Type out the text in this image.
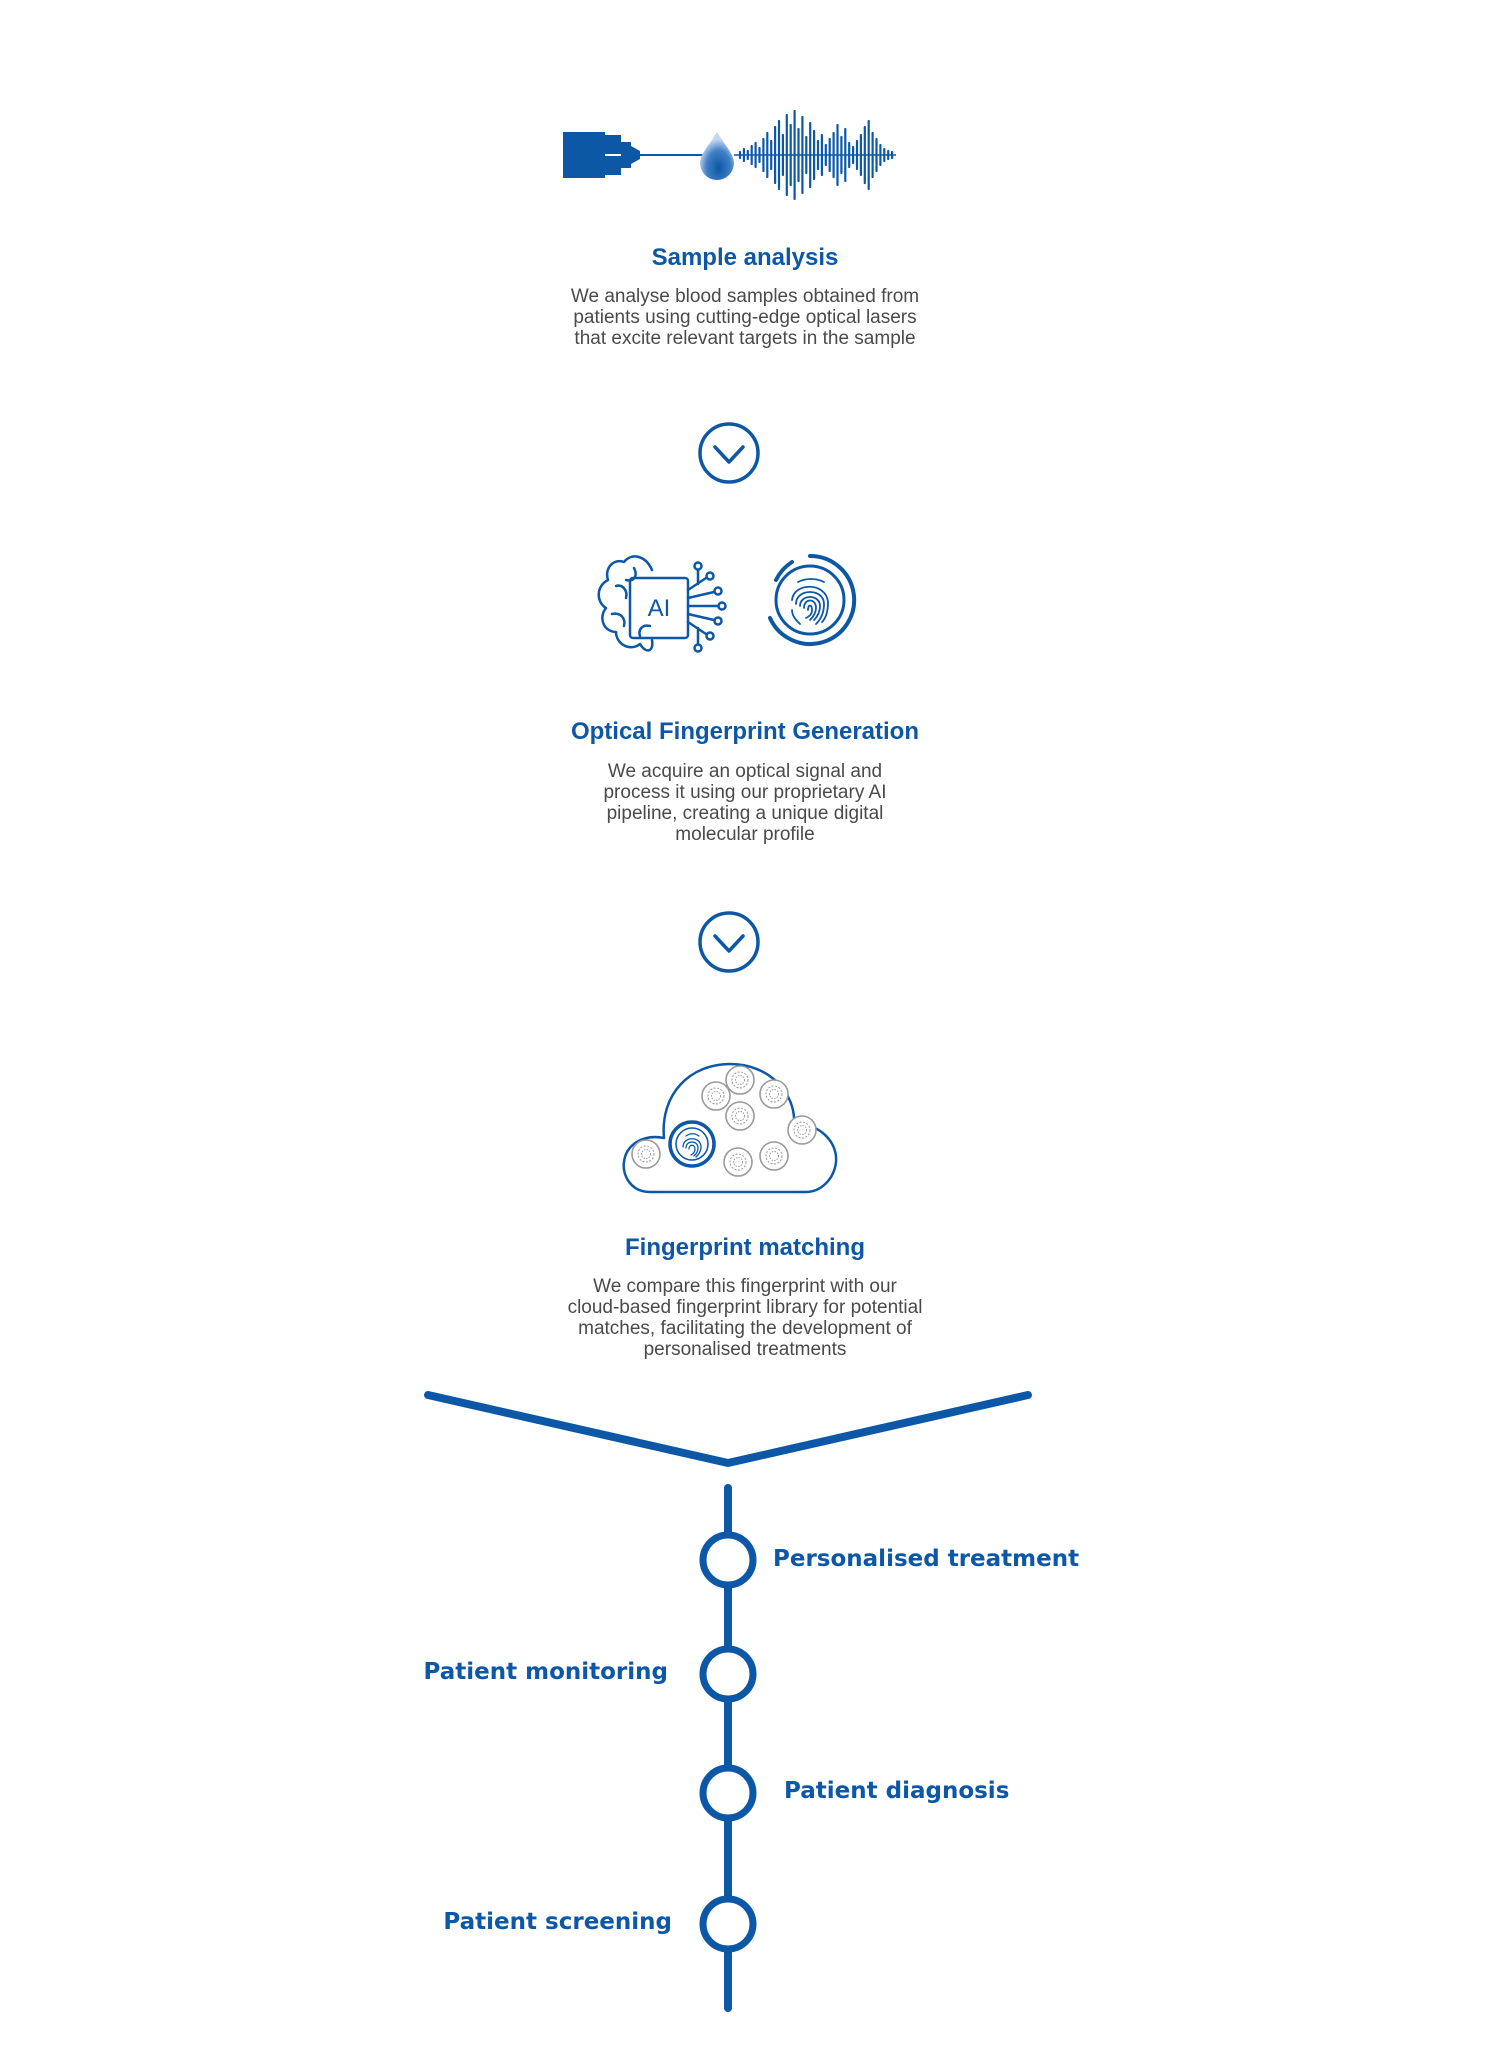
Sample analysis
We analyse blood samples obtained from patients using cutting-edge optical lasers that excite relevant targets in the sample
AI
Optical Fingerprint Generation
We acquire an optical signal and process it using our proprietary AI pipeline, creating a unique digital molecular profile
Fingerprint matching
We compare this fingerprint with our cloud-based fingerprint library for potential matches, facilitating the development of personalised treatments
Personalised treatment
Patient monitoring
Patient diagnosis
Patient screening
